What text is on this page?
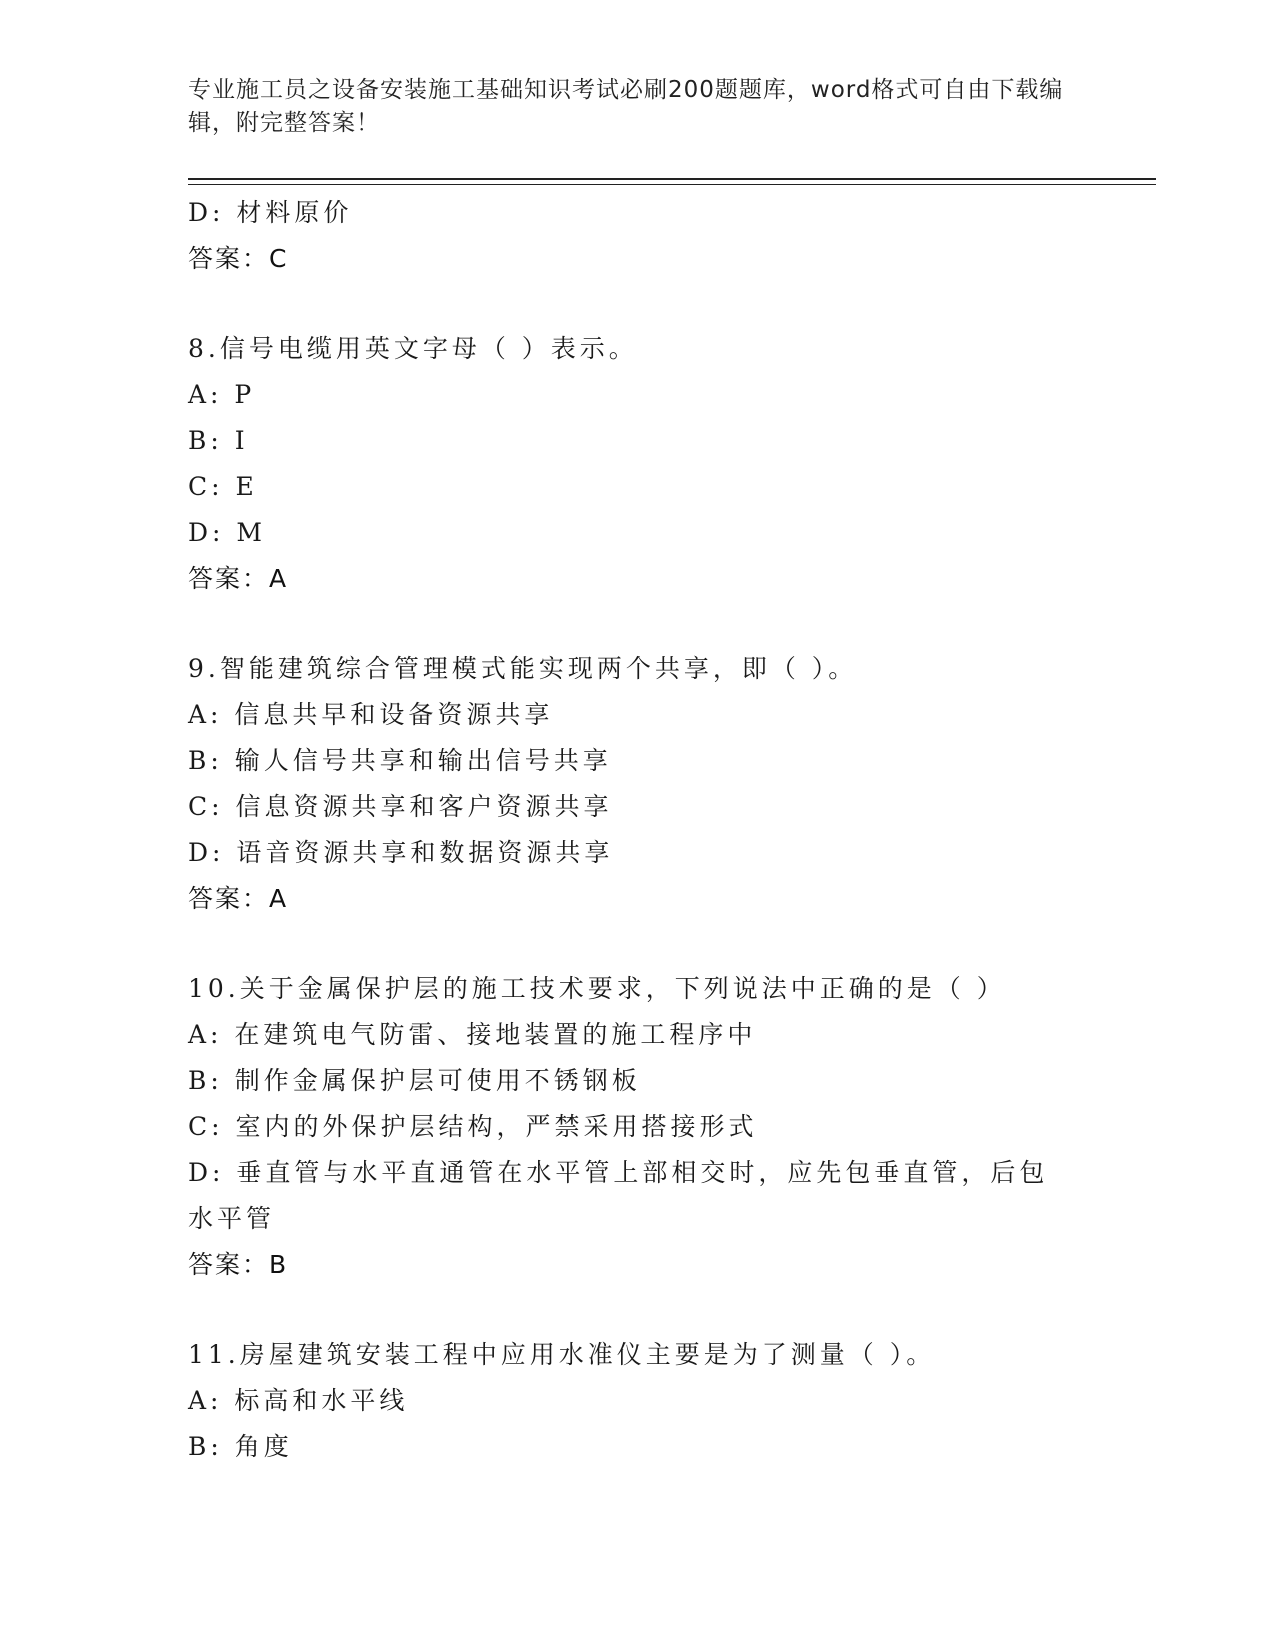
专业施工员之设备安装施工基础知识考试必刷200题题库，word格式可自由下载编辑，附完整答案！
D: 材料原价
答案：C
8.信号电缆用英文字母（ ）表示。
A: P
B: I
C: E
D: M
答案：A
9.智能建筑综合管理模式能实现两个共享，即（ ）。
A: 信息共早和设备资源共享
B: 输人信号共享和输出信号共享
C: 信息资源共享和客户资源共享
D: 语音资源共享和数据资源共享
答案：A
10.关于金属保护层的施工技术要求，下列说法中正确的是（ ）
A: 在建筑电气防雷、接地装置的施工程序中
B: 制作金属保护层可使用不锈钢板
C: 室内的外保护层结构，严禁采用搭接形式
D: 垂直管与水平直通管在水平管上部相交时，应先包垂直管，后包水平管
答案：B
11.房屋建筑安装工程中应用水准仪主要是为了测量（ ）。
A: 标高和水平线
B: 角度
